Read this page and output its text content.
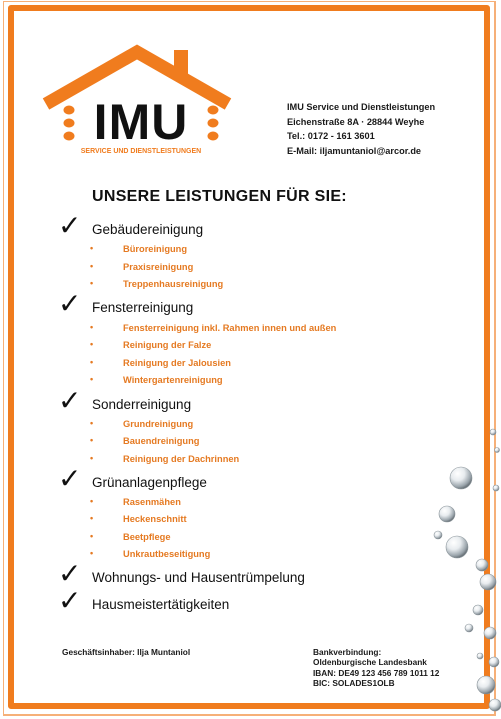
IMU
SERVICE UND DIENSTLEISTUNGEN
IMU Service und Dienstleistungen
Eichenstraße 8A · 28844 Weyhe
Tel.: 0172 - 161 3601
E-Mail: iljamuntaniol@arcor.de
UNSERE LEISTUNGEN FÜR SIE:
✓ Gebäudereinigung
•	Büroreinigung
•	Praxisreinigung
•	Treppenhausreinigung
✓ Fensterreinigung
•	Fensterreinigung inkl. Rahmen innen und außen
•	Reinigung der Falze
•	Reinigung der Jalousien
•	Wintergartenreinigung
✓ Sonderreinigung
•	Grundreinigung
•	Bauendreinigung
•	Reinigung der Dachrinnen
✓ Grünanlagenpflege
•	Rasenmähen
•	Heckenschnitt
•	Beetpflege
•	Unkrautbeseitigung
✓ Wohnungs- und Hausentrümpelung
✓ Hausmeistertätigkeiten
Geschäftsinhaber: Ilja Muntaniol	Bankverbindung:
Oldenburgische Landesbank
IBAN: DE49 123 456 789 1011 12
BIC: SOLADES1OLB
